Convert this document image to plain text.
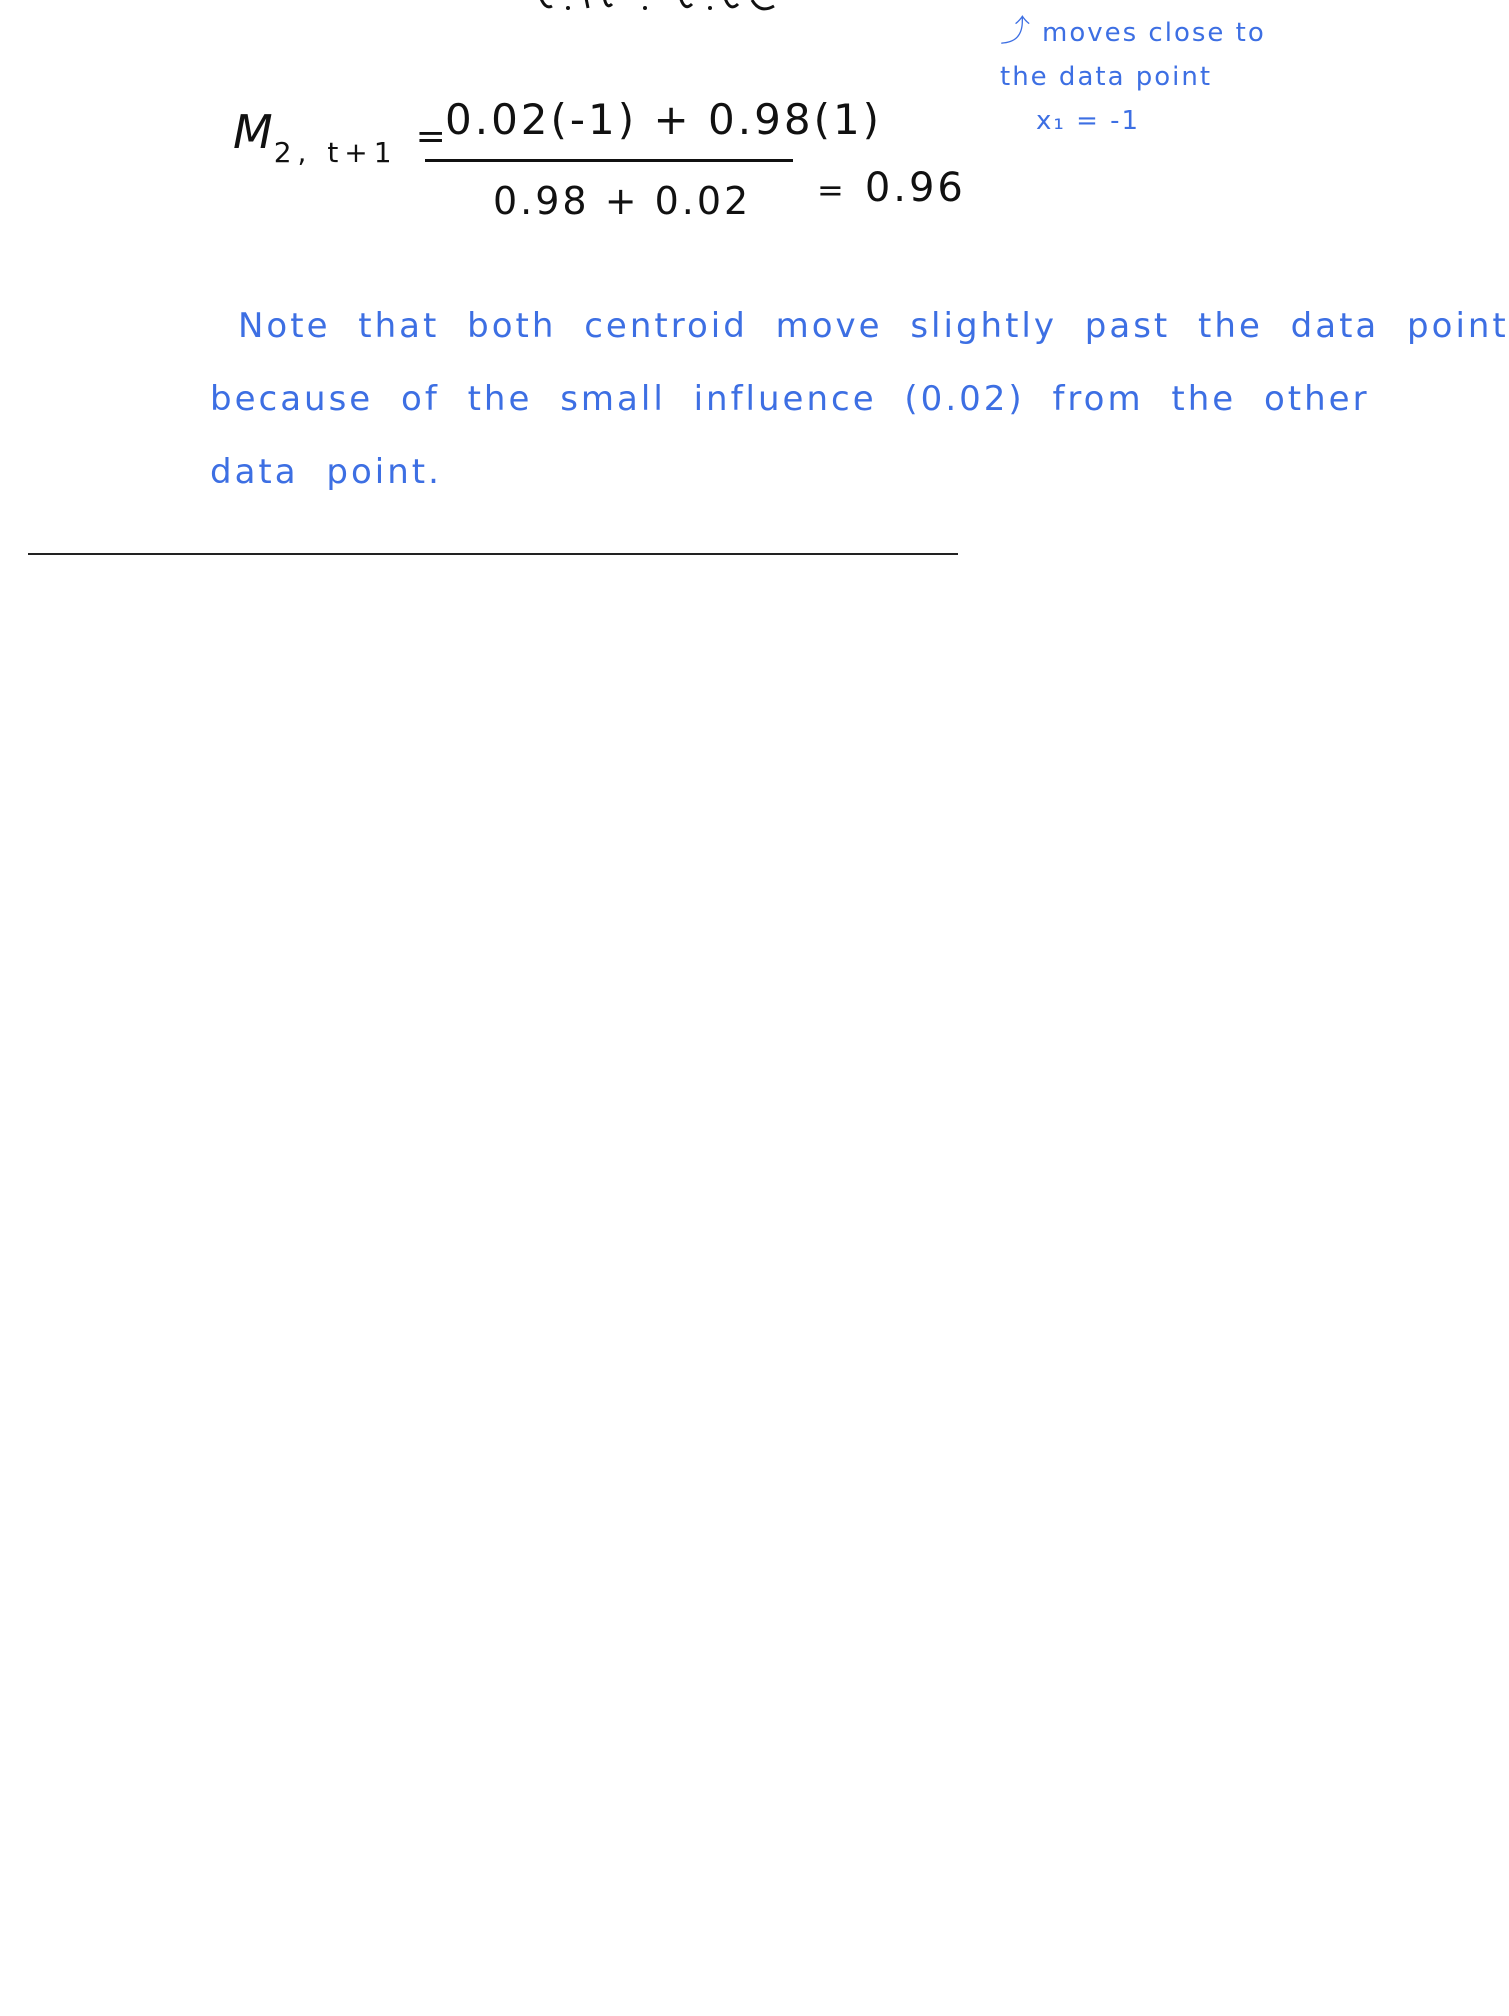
$M_{2, t+1}$ =
0.02(-1) + 0.98(1)
0.98 + 0.02 = 0.96
⤴ moves close to
the data point
x₁ = -1
Note that both centroid move slightly past the data point
because of the small influence (0.02) from the other
data point.
